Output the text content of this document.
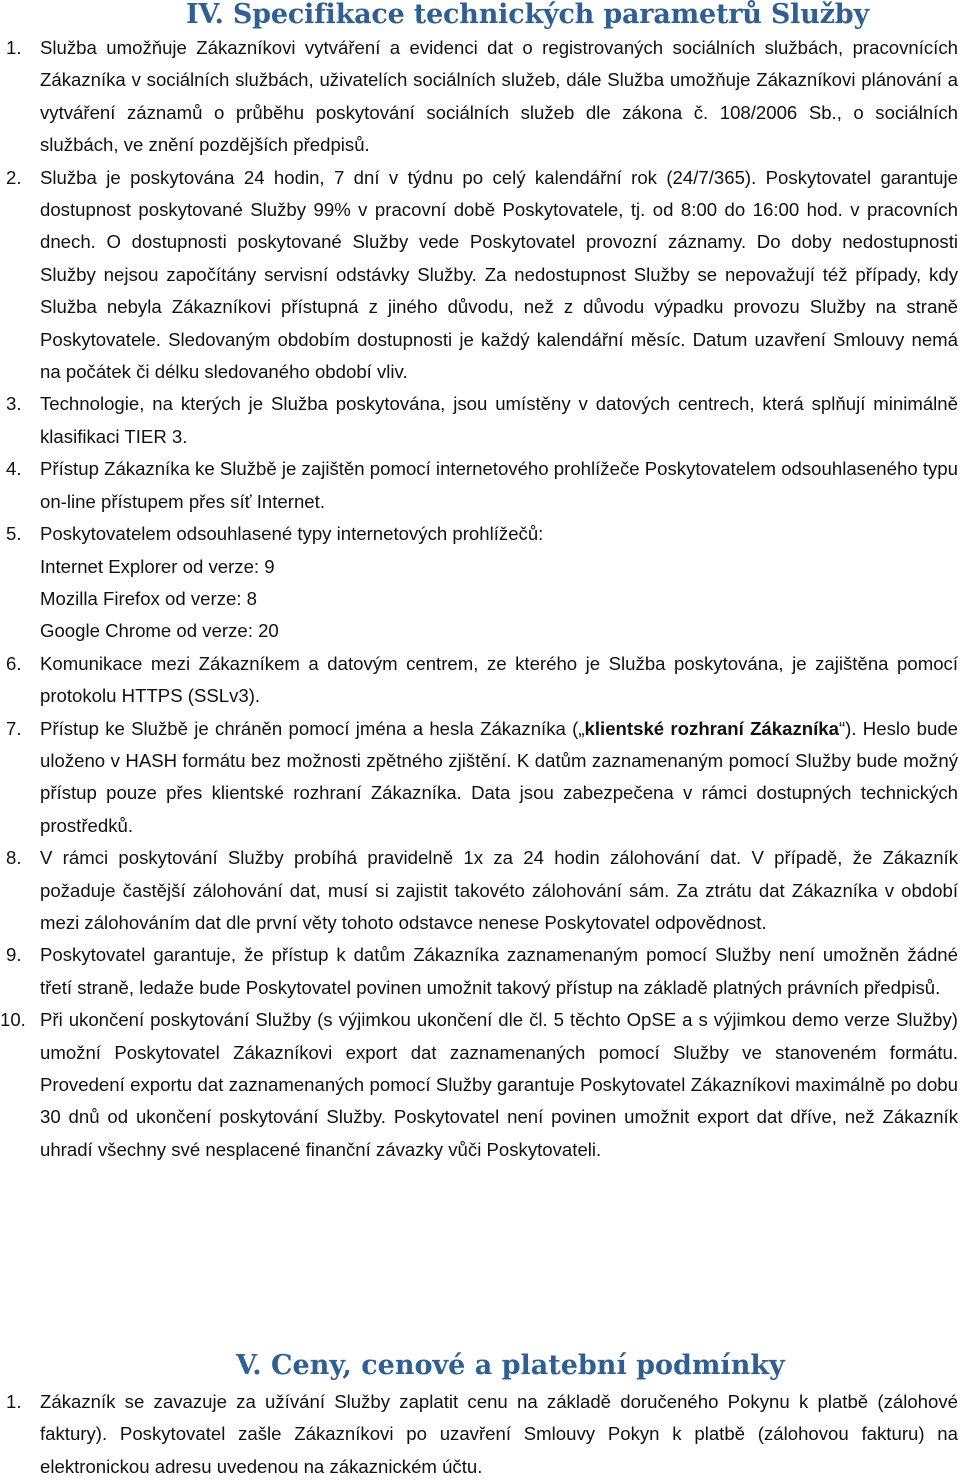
IV. Specifikace technických parametrů Služby
1. Služba umožňuje Zákazníkovi vytváření a evidenci dat o registrovaných sociálních službách, pracovnících Zákazníka v sociálních službách, uživatelích sociálních služeb, dále Služba umožňuje Zákazníkovi plánování a vytváření záznamů o průběhu poskytování sociálních služeb dle zákona č. 108/2006 Sb., o sociálních službách, ve znění pozdějších předpisů.
2. Služba je poskytována 24 hodin, 7 dní v týdnu po celý kalendářní rok (24/7/365). Poskytovatel garantuje dostupnost poskytované Služby 99% v pracovní době Poskytovatele, tj. od 8:00 do 16:00 hod. v pracovních dnech. O dostupnosti poskytované Služby vede Poskytovatel provozní záznamy. Do doby nedostupnosti Služby nejsou započítány servisní odstávky Služby. Za nedostupnost Služby se nepovažují též případy, kdy Služba nebyla Zákazníkovi přístupná z jiného důvodu, než z důvodu výpadku provozu Služby na straně Poskytovatele. Sledovaným obdobím dostupnosti je každý kalendářní měsíc. Datum uzavření Smlouvy nemá na počátek či délku sledovaného období vliv.
3. Technologie, na kterých je Služba poskytována, jsou umístěny v datových centrech, která splňují minimálně klasifikaci TIER 3.
4. Přístup Zákazníka ke Službě je zajištěn pomocí internetového prohlížeče Poskytovatelem odsouhlaseného typu on-line přístupem přes síť Internet.
5. Poskytovatelem odsouhlasené typy internetových prohlížečů:
Internet Explorer od verze: 9
Mozilla Firefox od verze: 8
Google Chrome od verze: 20
6. Komunikace mezi Zákazníkem a datovým centrem, ze kterého je Služba poskytována, je zajištěna pomocí protokolu HTTPS (SSLv3).
7. Přístup ke Službě je chráněn pomocí jména a hesla Zákazníka („klientské rozhraní Zákazníka“). Heslo bude uloženo v HASH formátu bez možnosti zpětného zjištění. K datům zaznamenaným pomocí Služby bude možný přístup pouze přes klientské rozhraní Zákazníka. Data jsou zabezpečena v rámci dostupných technických prostředků.
8. V rámci poskytování Služby probíhá pravidelně 1x za 24 hodin zálohování dat. V případě, že Zákazník požaduje častější zálohování dat, musí si zajistit takovéto zálohování sám. Za ztrátu dat Zákazníka v období mezi zálohováním dat dle první věty tohoto odstavce nenese Poskytovatel odpovědnost.
9. Poskytovatel garantuje, že přístup k datům Zákazníka zaznamenaným pomocí Služby není umožněn žádné třetí straně, ledaže bude Poskytovatel povinen umožnit takový přístup na základě platných právních předpisů.
10. Při ukončení poskytování Služby (s výjimkou ukončení dle čl. 5 těchto OpSE a s výjimkou demo verze Služby) umožní Poskytovatel Zákazníkovi export dat zaznamenaných pomocí Služby ve stanoveném formátu. Provedení exportu dat zaznamenaných pomocí Služby garantuje Poskytovatel Zákazníkovi maximálně po dobu 30 dnů od ukončení poskytování Služby. Poskytovatel není povinen umožnit export dat dříve, než Zákazník uhradí všechny své nesplacené finanční závazky vůči Poskytovateli.
V. Ceny, cenové a platební podmínky
1. Zákazník se zavazuje za užívání Služby zaplatit cenu na základě doručeného Pokynu k platbě (zálohové faktury). Poskytovatel zašle Zákazníkovi po uzavření Smlouvy Pokyn k platbě (zálohovou fakturu) na elektronickou adresu uvedenou na zákaznickém účtu.
